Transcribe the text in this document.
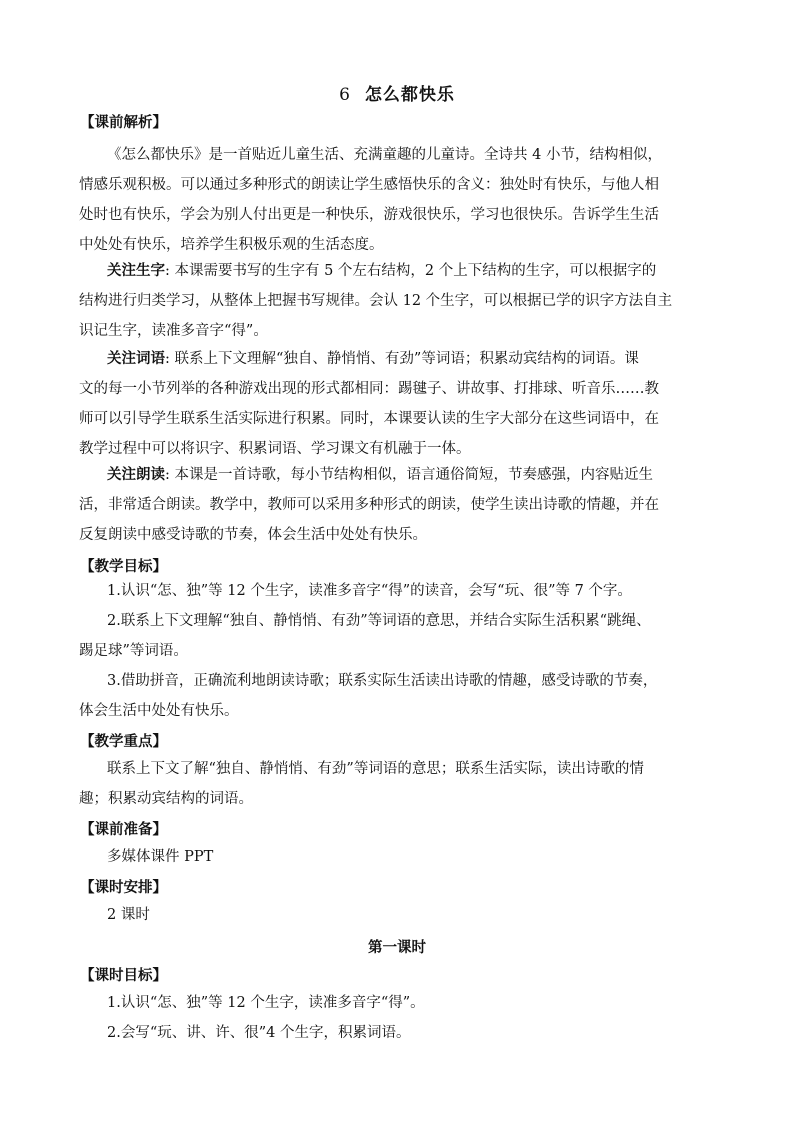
6 怎么都快乐
【课前解析】
《怎么都快乐》是一首贴近儿童生活、充满童趣的儿童诗。全诗共 4 小节，结构相似，
情感乐观积极。可以通过多种形式的朗读让学生感悟快乐的含义：独处时有快乐，与他人相
处时也有快乐，学会为别人付出更是一种快乐，游戏很快乐，学习也很快乐。告诉学生生活
中处处有快乐，培养学生积极乐观的生活态度。
关注生字: 本课需要书写的生字有 5 个左右结构，2 个上下结构的生字，可以根据字的
结构进行归类学习，从整体上把握书写规律。会认 12 个生字，可以根据已学的识字方法自主
识记生字，读准多音字“得”。
关注词语: 联系上下文理解“独自、静悄悄、有劲”等词语；积累动宾结构的词语。课
文的每一小节列举的各种游戏出现的形式都相同：踢毽子、讲故事、打排球、听音乐……教
师可以引导学生联系生活实际进行积累。同时，本课要认读的生字大部分在这些词语中，在
教学过程中可以将识字、积累词语、学习课文有机融于一体。
关注朗读: 本课是一首诗歌，每小节结构相似，语言通俗简短，节奏感强，内容贴近生
活，非常适合朗读。教学中，教师可以采用多种形式的朗读，使学生读出诗歌的情趣，并在
反复朗读中感受诗歌的节奏，体会生活中处处有快乐。
【教学目标】
1.认识“怎、独”等 12 个生字，读准多音字“得”的读音，会写“玩、很”等 7 个字。
2.联系上下文理解“独自、静悄悄、有劲”等词语的意思，并结合实际生活积累“跳绳、
踢足球”等词语。
3.借助拼音，正确流利地朗读诗歌；联系实际生活读出诗歌的情趣，感受诗歌的节奏，
体会生活中处处有快乐。
【教学重点】
联系上下文了解“独自、静悄悄、有劲”等词语的意思；联系生活实际，读出诗歌的情
趣；积累动宾结构的词语。
【课前准备】
多媒体课件 PPT
【课时安排】
2 课时
第一课时
【课时目标】
1.认识“怎、独”等 12 个生字，读准多音字“得”。
2.会写“玩、讲、许、很”4 个生字，积累词语。
